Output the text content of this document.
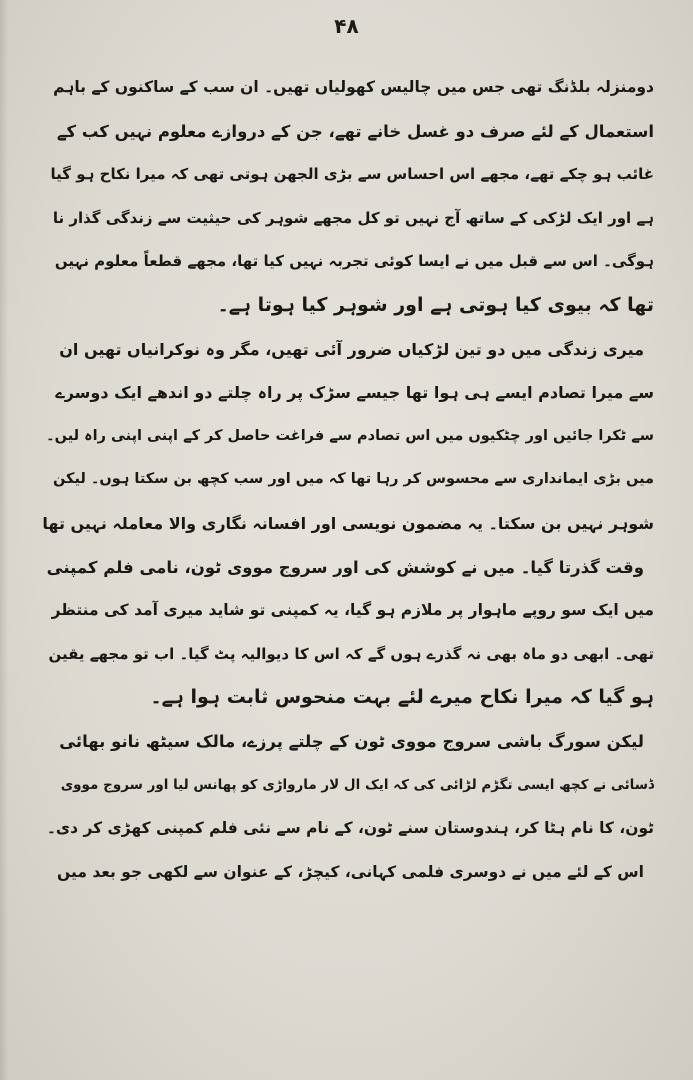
۴۸
دومنزلہ بلڈنگ تھی جس میں چالیس کھولیاں تھیں۔ ان سب کے ساکنوں کے باہم
استعمال کے لئے صرف دو غسل خانے تھے، جن کے دروازے معلوم نہیں کب کے
غائب ہو چکے تھے، مجھے اس احساس سے بڑی الجھن ہوتی تھی کہ میرا نکاح ہو گیا
ہے اور ایک لڑکی کے ساتھ آج نہیں تو کل مجھے شوہر کی حیثیت سے زندگی گذار نا
ہوگی۔ اس سے قبل میں نے ایسا کوئی تجربہ نہیں کیا تھا، مجھے قطعاً معلوم نہیں
تھا کہ بیوی کیا ہوتی ہے اور شوہر کیا ہوتا ہے۔
میری زندگی میں دو تین لڑکیاں ضرور آئی تھیں، مگر وہ نوکرانیاں تھیں ان
سے میرا تصادم ایسے ہی ہوا تھا جیسے سڑک پر راہ چلتے دو اندھے ایک دوسرے
سے ٹکرا جائیں اور چٹکیوں میں اس تصادم سے فراغت حاصل کر کے اپنی اپنی راہ لیں۔
میں بڑی ایمانداری سے محسوس کر رہا تھا کہ میں اور سب کچھ بن سکتا ہوں۔ لیکن
شوہر نہیں بن سکتا۔ یہ مضمون نویسی اور افسانہ نگاری والا معاملہ نہیں تھا
وقت گذرتا گیا۔ میں نے کوشش کی اور سروج مووی ٹون، نامی فلم کمپنی
میں ایک سو روپے ماہوار پر ملازم ہو گیا، یہ کمپنی تو شاید میری آمد کی منتظر
تھی۔ ابھی دو ماہ بھی نہ گذرے ہوں گے کہ اس کا دیوالیہ پٹ گیا۔ اب تو مجھے یقین
ہو گیا کہ میرا نکاح میرے لئے بہت منحوس ثابت ہوا ہے۔
لیکن سورگ باشی سروج مووی ٹون کے چلتے پرزے، مالک سیٹھ نانو بھائی
ڈسائی نے کچھ ایسی تگڑم لڑائی کی کہ ایک ال لار مارواڑی کو پھانس لیا اور سروج مووی
ٹون، کا نام ہٹا کر، ہندوستان سنے ٹون، کے نام سے نئی فلم کمپنی کھڑی کر دی۔
اس کے لئے میں نے دوسری فلمی کہانی، کیچڑ، کے عنوان سے لکھی جو بعد میں
